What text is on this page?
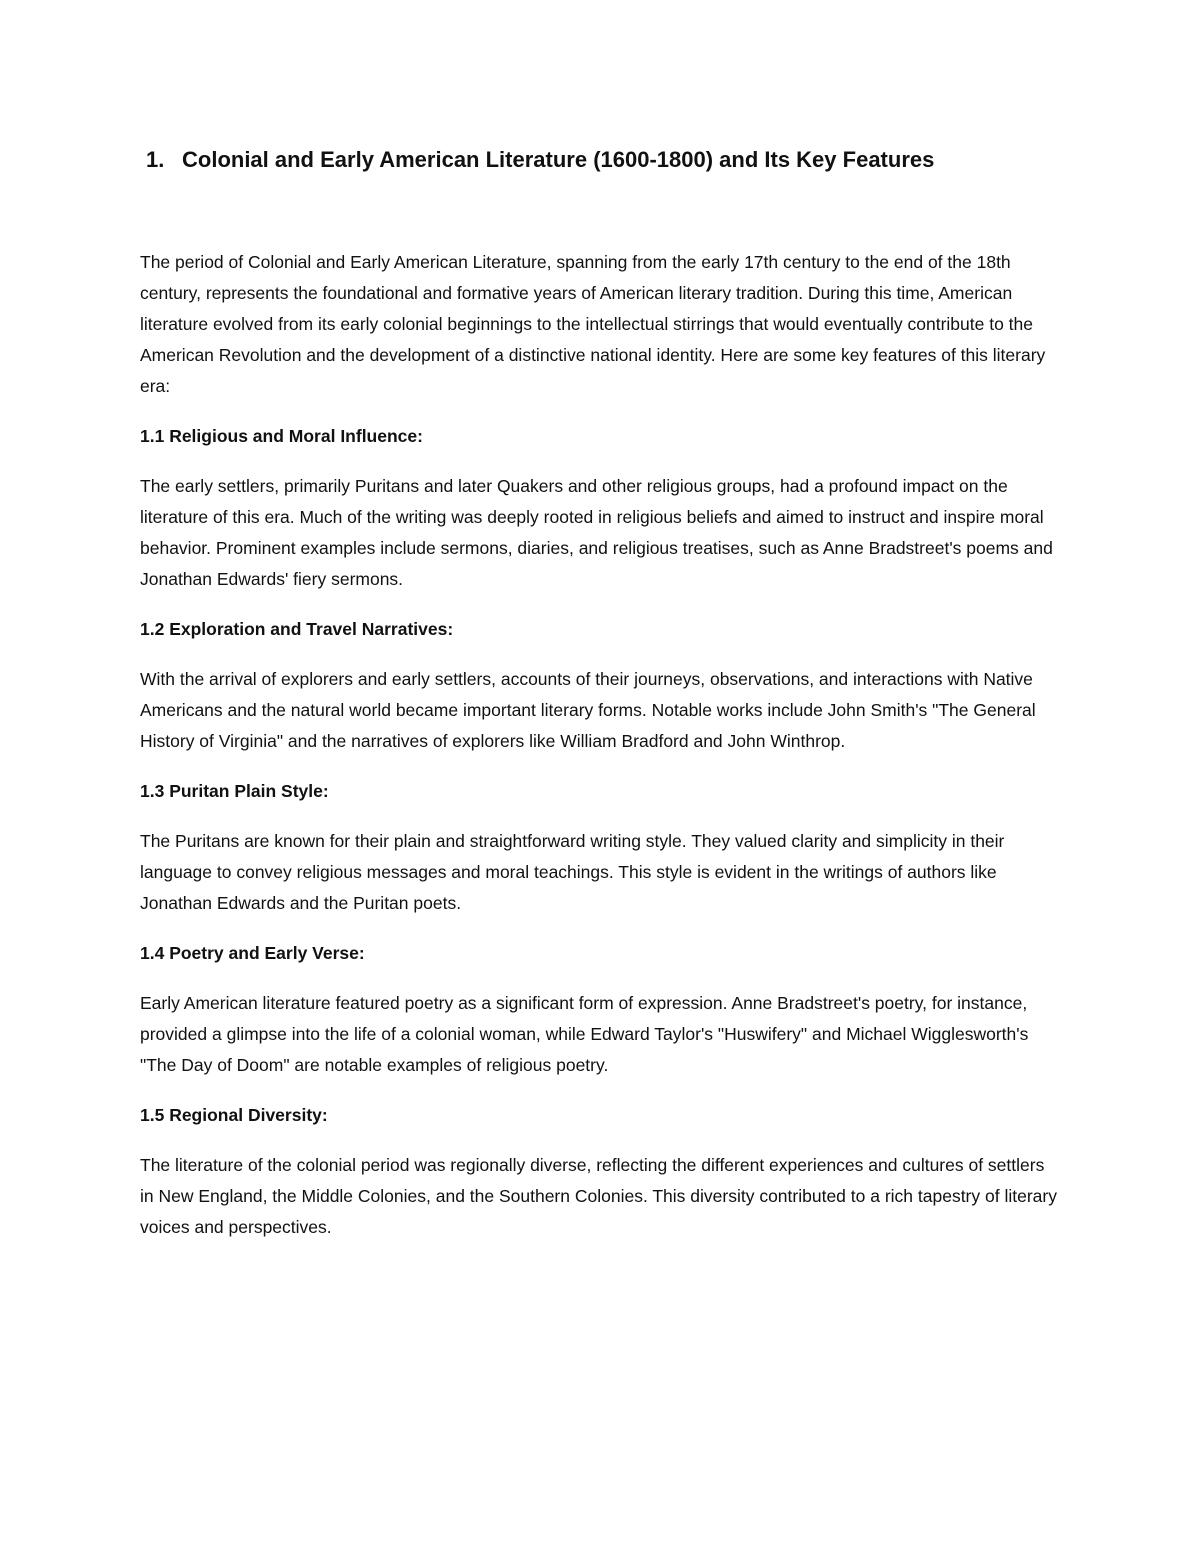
1. Colonial and Early American Literature (1600-1800) and Its Key Features

The period of Colonial and Early American Literature, spanning from the early 17th century to the end of the 18th century, represents the foundational and formative years of American literary tradition. During this time, American literature evolved from its early colonial beginnings to the intellectual stirrings that would eventually contribute to the American Revolution and the development of a distinctive national identity. Here are some key features of this literary era:

1.1 Religious and Moral Influence:

The early settlers, primarily Puritans and later Quakers and other religious groups, had a profound impact on the literature of this era. Much of the writing was deeply rooted in religious beliefs and aimed to instruct and inspire moral behavior. Prominent examples include sermons, diaries, and religious treatises, such as Anne Bradstreet's poems and Jonathan Edwards' fiery sermons.

1.2 Exploration and Travel Narratives:

With the arrival of explorers and early settlers, accounts of their journeys, observations, and interactions with Native Americans and the natural world became important literary forms. Notable works include John Smith's "The General History of Virginia" and the narratives of explorers like William Bradford and John Winthrop.

1.3 Puritan Plain Style:

The Puritans are known for their plain and straightforward writing style. They valued clarity and simplicity in their language to convey religious messages and moral teachings. This style is evident in the writings of authors like Jonathan Edwards and the Puritan poets.

1.4 Poetry and Early Verse:

Early American literature featured poetry as a significant form of expression. Anne Bradstreet's poetry, for instance, provided a glimpse into the life of a colonial woman, while Edward Taylor's "Huswifery" and Michael Wigglesworth's "The Day of Doom" are notable examples of religious poetry.

1.5 Regional Diversity:

The literature of the colonial period was regionally diverse, reflecting the different experiences and cultures of settlers in New England, the Middle Colonies, and the Southern Colonies. This diversity contributed to a rich tapestry of literary voices and perspectives.
